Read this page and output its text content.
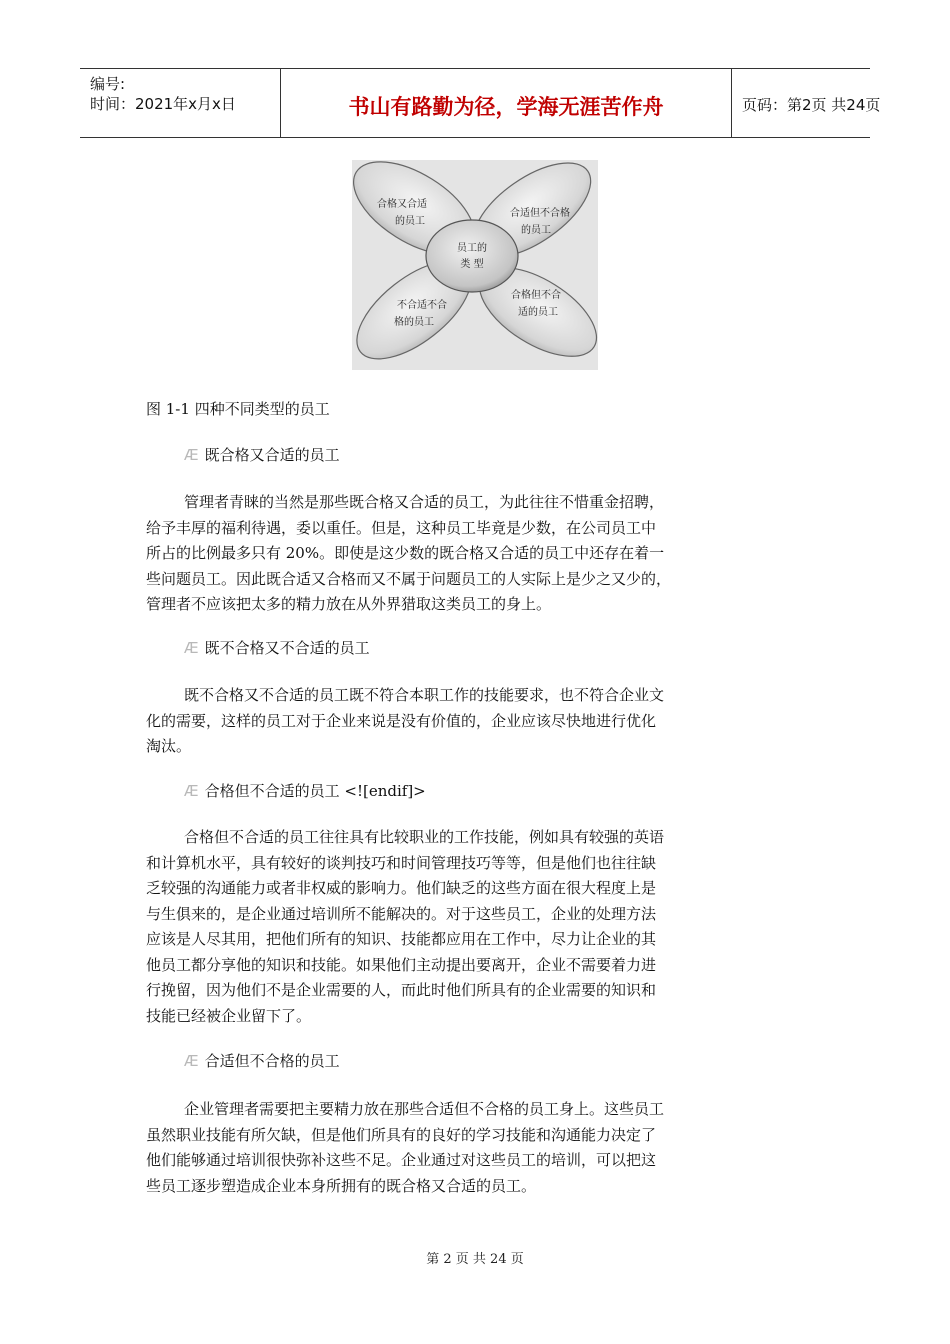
编号:
时间：2021年x月x日	书山有路勤为径，学海无涯苦作舟	页码：第2页 共24页
员工的
类 型
合格又合适
的员工
合适但不合格
的员工
不合适不合
格的员工
合格但不合
适的员工
图 1-1 四种不同类型的员工
Æ 既合格又合适的员工
管理者青睐的当然是那些既合格又合适的员工，为此往往不惜重金招聘，
给予丰厚的福利待遇，委以重任。但是，这种员工毕竟是少数，在公司员工中
所占的比例最多只有 20%。即使是这少数的既合格又合适的员工中还存在着一
些问题员工。因此既合适又合格而又不属于问题员工的人实际上是少之又少的，
管理者不应该把太多的精力放在从外界猎取这类员工的身上。
Æ 既不合格又不合适的员工
既不合格又不合适的员工既不符合本职工作的技能要求，也不符合企业文
化的需要，这样的员工对于企业来说是没有价值的，企业应该尽快地进行优化
淘汰。
Æ 合格但不合适的员工 <![endif]>
合格但不合适的员工往往具有比较职业的工作技能，例如具有较强的英语
和计算机水平，具有较好的谈判技巧和时间管理技巧等等，但是他们也往往缺
乏较强的沟通能力或者非权威的影响力。他们缺乏的这些方面在很大程度上是
与生俱来的，是企业通过培训所不能解决的。对于这些员工，企业的处理方法
应该是人尽其用，把他们所有的知识、技能都应用在工作中，尽力让企业的其
他员工都分享他的知识和技能。如果他们主动提出要离开，企业不需要着力进
行挽留，因为他们不是企业需要的人，而此时他们所具有的企业需要的知识和
技能已经被企业留下了。
Æ 合适但不合格的员工
企业管理者需要把主要精力放在那些合适但不合格的员工身上。这些员工
虽然职业技能有所欠缺，但是他们所具有的良好的学习技能和沟通能力决定了
他们能够通过培训很快弥补这些不足。企业通过对这些员工的培训，可以把这
些员工逐步塑造成企业本身所拥有的既合格又合适的员工。
第 2 页 共 24 页
